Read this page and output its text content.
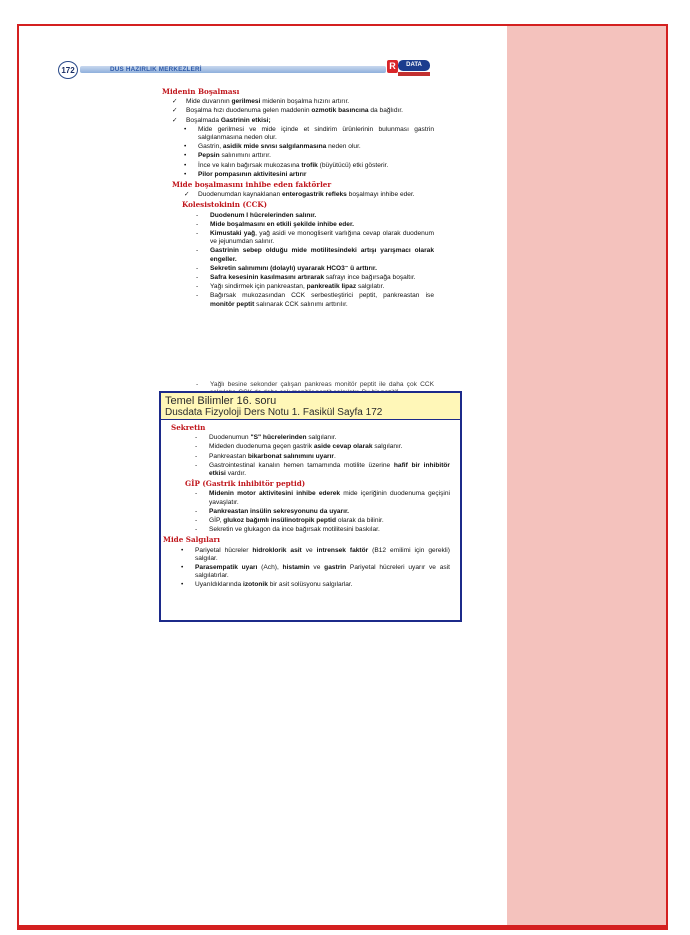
172	DUS HAZIRLIK MERKEZLERİ	R	DATA
Midenin Boşalması
✓ Mide duvarının gerilmesi midenin boşalma hızını artırır.
✓ Boşalma hızı duodenuma gelen maddenin ozmotik basıncına da bağlıdır.
✓ Boşalmada Gastrinin etkisi;
• Mide gerilmesi ve mide içinde et sindirim ürünlerinin bulunması gastrin salgılanmasına neden olur.
• Gastrin, asidik mide sıvısı salgılanmasına neden olur.
• Pepsin salınımını arttırır.
• İnce ve kalın bağırsak mukozasına trofik (büyütücü) etki gösterir.
• Pilor pompasının aktivitesini artırır
Mide boşalmasını inhibe eden faktörler
✓ Duodenumdan kaynaklanan enterogastrik refleks boşalmayı inhibe eder.
Kolesistokinin (CCK)
- Duodenum I hücrelerinden salınır.
- Mide boşalmasını en etkili şekilde inhibe eder.
- Kimustaki yağ, yağ asidi ve monogliserit varlığına cevap olarak duodenum ve jejunumdan salınır.
- Gastrinin sebep olduğu mide motilitesindeki artışı yarışmacı olarak engeller.
- Sekretin salınımını (dolaylı) uyararak HCO3⁻ ü arttırır.
- Safra kesesinin kasılmasını artırarak safrayı ince bağırsağa boşaltır.
- Yağı sindirmek için pankreastan, pankreatik lipaz salgılatır.
- Bağırsak mukozasından CCK serbestleştirici peptit, pankreastan ise monitör peptit salınarak CCK salınımı arttırılır.
- Yağlı besine sekonder çalışan pankreas monitör peptit ile daha çok CCK
Temel Bilimler 16. soru
Dusdata Fizyoloji Ders Notu 1. Fasikül Sayfa 172
Sekretin
- Duodenumun "S" hücrelerinden salgılanır.
- Mideden duodenuma geçen gastrik aside cevap olarak salgılanır.
- Pankreastan bikarbonat salınımını uyarır.
- Gastrointestinal kanalın hemen tamamında motilite üzerine hafif bir inhibitör etkisi vardır.
GİP (Gastrik inhibitör peptid)
- Midenin motor aktivitesini inhibe ederek mide içeriğinin duodenuma geçişini yavaşlatır.
- Pankreastan insülin sekresyonunu da uyarır.
- GİP, glukoz bağımlı insülinotropik peptid olarak da bilinir.
- Sekretin ve glukagon da ince bağırsak motilitesini baskılar.
Mide Salgıları
• Pariyetal hücreler hidroklorik asit ve intrensek faktör (B12 emilimi için gerekli) salgılar.
• Parasempatik uyarı (Ach), histamin ve gastrin Pariyetal hücreleri uyarır ve asit salgılatırlar.
• Uyarıldıklarında izotonik bir asit solüsyonu salgılarlar.
